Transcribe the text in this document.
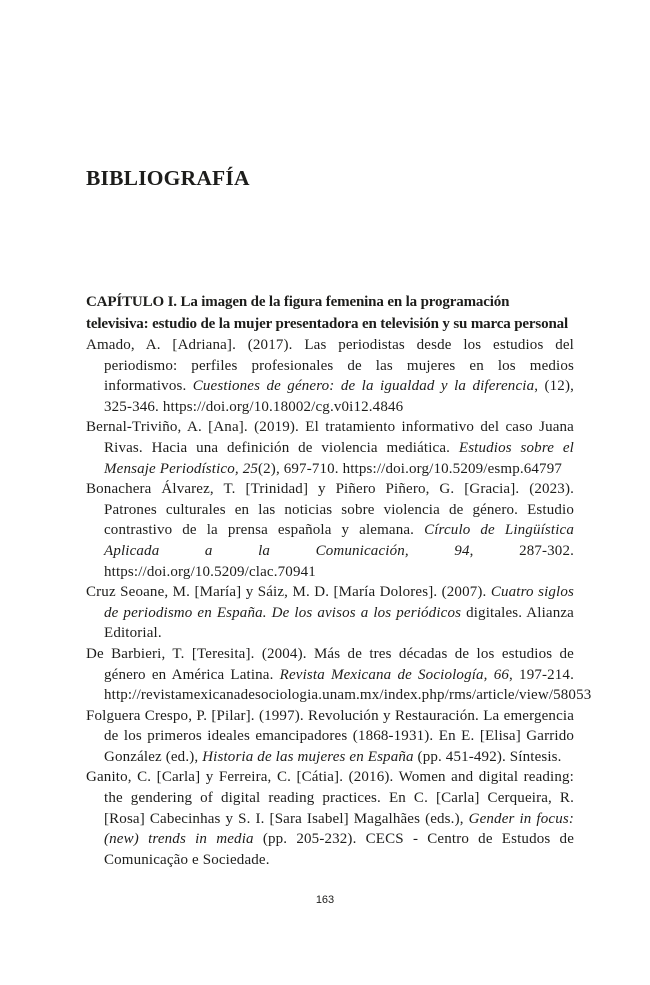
BIBLIOGRAFÍA

CAPÍTULO I. La imagen de la figura femenina en la programación televisiva: estudio de la mujer presentadora en televisión y su marca personal

Amado, A. [Adriana]. (2017). Las periodistas desde los estudios del periodismo: perfiles profesionales de las mujeres en los medios informativos. Cuestiones de género: de la igualdad y la diferencia, (12), 325-346. https://doi.org/10.18002/cg.v0i12.4846

Bernal-Triviño, A. [Ana]. (2019). El tratamiento informativo del caso Juana Rivas. Hacia una definición de violencia mediática. Estudios sobre el Mensaje Periodístico, 25(2), 697-710. https://doi.org/10.5209/esmp.64797

Bonachera Álvarez, T. [Trinidad] y Piñero Piñero, G. [Gracia]. (2023). Patrones culturales en las noticias sobre violencia de género. Estudio contrastivo de la prensa española y alemana. Círculo de Lingüística Aplicada a la Comunicación, 94, 287-302. https://doi.org/10.5209/clac.70941

Cruz Seoane, M. [María] y Sáiz, M. D. [María Dolores]. (2007). Cuatro siglos de periodismo en España. De los avisos a los periódicos digitales. Alianza Editorial.

De Barbieri, T. [Teresita]. (2004). Más de tres décadas de los estudios de género en América Latina. Revista Mexicana de Sociología, 66, 197-214. http://revistamexicanadesociologia.unam.mx/index.php/rms/article/view/58053

Folguera Crespo, P. [Pilar]. (1997). Revolución y Restauración. La emergencia de los primeros ideales emancipadores (1868-1931). En E. [Elisa] Garrido González (ed.), Historia de las mujeres en España (pp. 451-492). Síntesis.

Ganito, C. [Carla] y Ferreira, C. [Cátia]. (2016). Women and digital reading: the gendering of digital reading practices. En C. [Carla] Cerqueira, R. [Rosa] Cabecinhas y S. I. [Sara Isabel] Magalhães (eds.), Gender in focus: (new) trends in media (pp. 205-232). CECS - Centro de Estudos de Comunicação e Sociedade.

163
